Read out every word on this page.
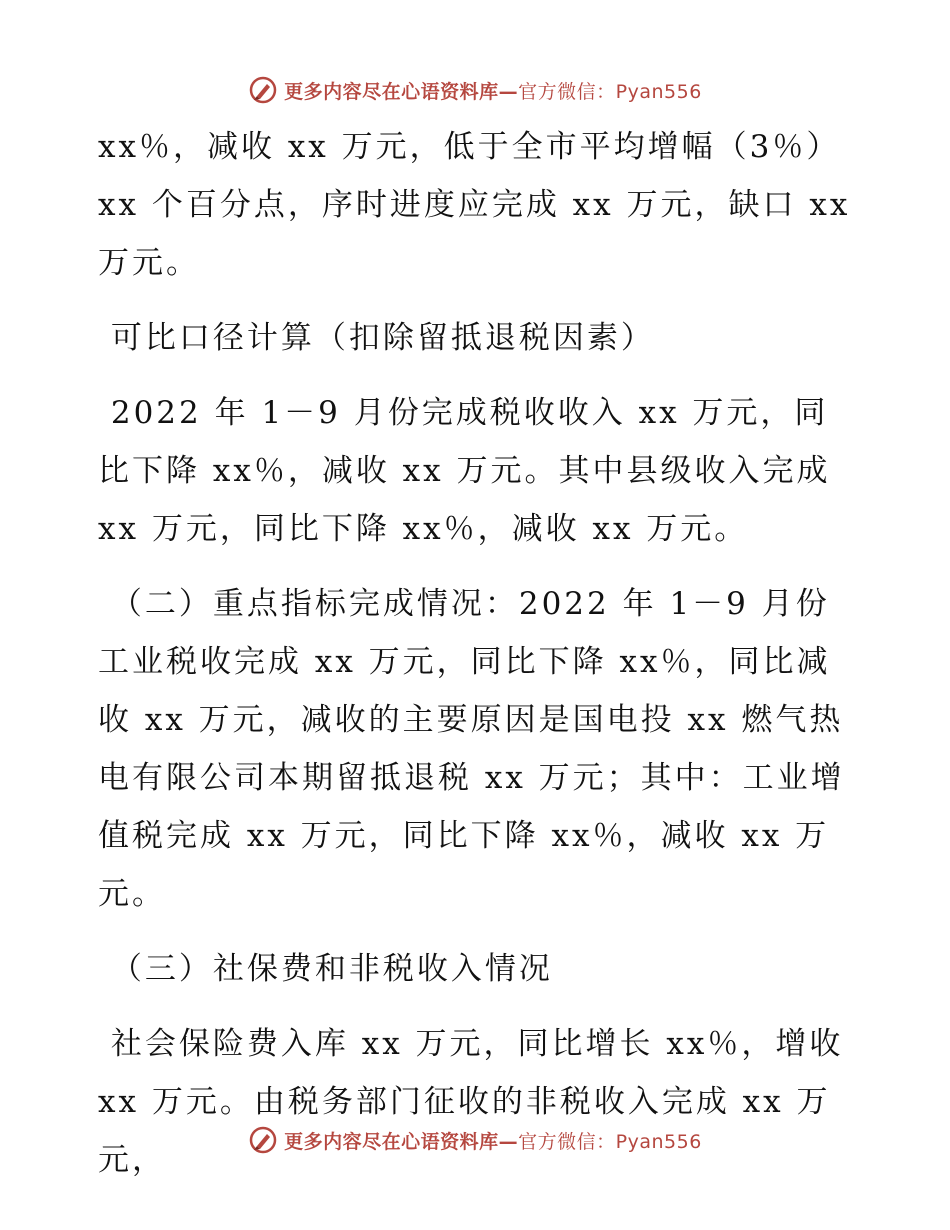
更多内容尽在心语资料库—官方微信：Pyan556

xx％，减收 xx 万元，低于全市平均增幅（3％）xx 个百分点，序时进度应完成 xx 万元，缺口 xx 万元。

可比口径计算（扣除留抵退税因素）

2022 年 1－9 月份完成税收收入 xx 万元，同比下降 xx％，减收 xx 万元。其中县级收入完成 xx 万元，同比下降 xx％，减收 xx 万元。

（二）重点指标完成情况：2022 年 1－9 月份工业税收完成 xx 万元，同比下降 xx％，同比减收 xx 万元，减收的主要原因是国电投 xx 燃气热电有限公司本期留抵退税 xx 万元；其中：工业增值税完成 xx 万元，同比下降 xx％，减收 xx 万元。

（三）社保费和非税收入情况

社会保险费入库 xx 万元，同比增长 xx％，增收 xx 万元。由税务部门征收的非税收入完成 xx 万元，

更多内容尽在心语资料库—官方微信：Pyan556
